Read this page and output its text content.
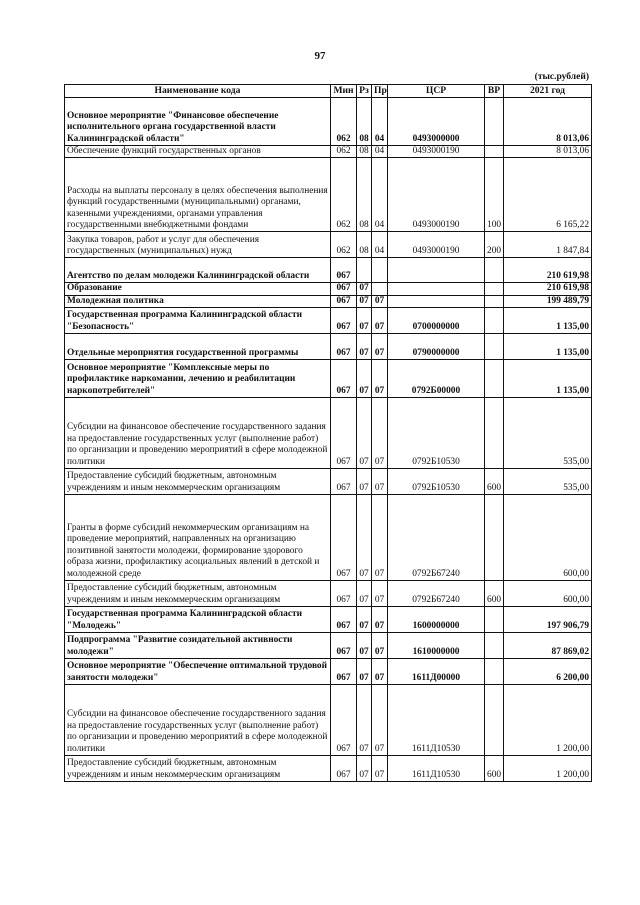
97
(тыс.рублей)
Наименование кода	Мин	Рз	Пр	ЦСР	ВР	2021 год
Основное мероприятие "Финансовое обеспечение исполнительного органа государственной власти Калининградской области"	062	08	04	0493000000		8 013,06
Обеспечение функций государственных органов	062	08	04	0493000190		8 013,06
Расходы на выплаты персоналу в целях обеспечения выполнения функций государственными (муниципальными) органами, казенными учреждениями, органами управления государственными внебюджетными фондами	062	08	04	0493000190	100	6 165,22
Закупка товаров, работ и услуг для обеспечения государственных (муниципальных) нужд	062	08	04	0493000190	200	1 847,84
Агентство по делам молодежи Калининградской области	067					210 619,98
Образование	067	07				210 619,98
Молодежная политика	067	07	07			199 489,79
Государственная программа Калининградской области "Безопасность"	067	07	07	0700000000		1 135,00
Отдельные мероприятия государственной программы	067	07	07	0790000000		1 135,00
Основное мероприятие "Комплексные меры по профилактике наркомании, лечению и реабилитации наркопотребителей"	067	07	07	0792Б00000		1 135,00
Субсидии на финансовое обеспечение государственного задания на предоставление государственных услуг (выполнение работ) по организации и проведению мероприятий в сфере молодежной политики	067	07	07	0792Б10530		535,00
Предоставление субсидий бюджетным, автономным учреждениям и иным некоммерческим организациям	067	07	07	0792Б10530	600	535,00
Гранты в форме субсидий некоммерческим организациям на проведение мероприятий, направленных на организацию позитивной занятости молодежи, формирование здорового образа жизни, профилактику асоциальных явлений в детской и молодежной среде	067	07	07	0792Б67240		600,00
Предоставление субсидий бюджетным, автономным учреждениям и иным некоммерческим организациям	067	07	07	0792Б67240	600	600,00
Государственная программа Калининградской области "Молодежь"	067	07	07	1600000000		197 906,79
Подпрограмма "Развитие созидательной активности молодежи"	067	07	07	1610000000		87 869,02
Основное мероприятие "Обеспечение оптимальной трудовой занятости молодежи"	067	07	07	1611Д00000		6 200,00
Субсидии на финансовое обеспечение государственного задания на предоставление государственных услуг (выполнение работ) по организации и проведению мероприятий в сфере молодежной политики	067	07	07	1611Д10530		1 200,00
Предоставление субсидий бюджетным, автономным учреждениям и иным некоммерческим организациям	067	07	07	1611Д10530	600	1 200,00
